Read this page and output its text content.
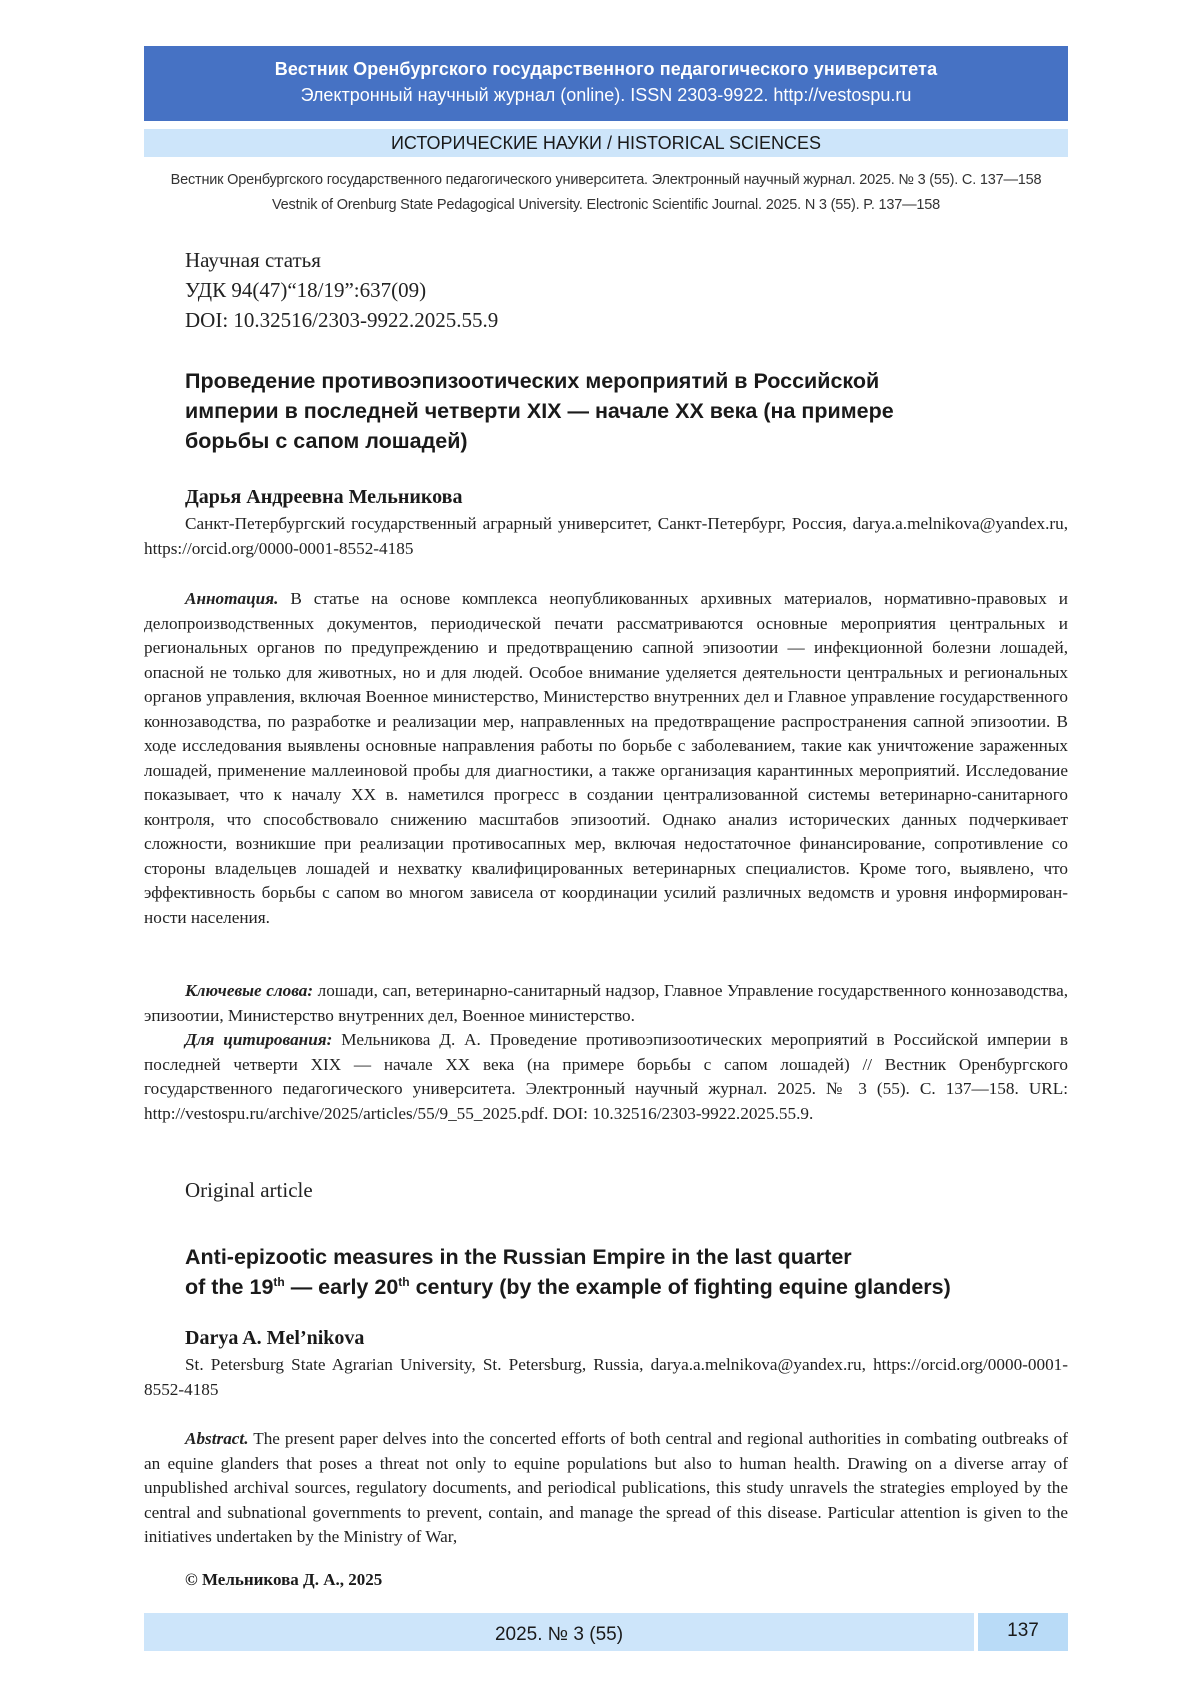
Вестник Оренбургского государственного педагогического университета
Электронный научный журнал (online). ISSN 2303-9922. http://vestospu.ru
ИСТОРИЧЕСКИЕ НАУКИ / HISTORICAL SCIENCES
Вестник Оренбургского государственного педагогического университета. Электронный научный журнал. 2025. № 3 (55). С. 137—158
Vestnik of Orenburg State Pedagogical University. Electronic Scientific Journal. 2025. N 3 (55). P. 137—158
Научная статья
УДК 94(47)“18/19”:637(09)
DOI: 10.32516/2303-9922.2025.55.9
Проведение противоэпизоотических мероприятий в Российской
империи в последней четверти XIX — начале XX века (на примере
борьбы с сапом лошадей)
Дарья Андреевна Мельникова
Санкт-Петербургский государственный аграрный университет, Санкт-Петербург, Россия, darya.a.melnikova@yandex.ru, https://orcid.org/0000-0001-8552-4185
Аннотация. В статье на основе комплекса неопубликованных архивных материалов, нормативно-правовых и делопроизводственных документов, периодической печати рассматриваются основные мероприятия центральных и региональных органов по предупреждению и предотвращению сапной эпизоотии — инфекционной болезни лошадей, опасной не только для животных, но и для людей. Особое внимание уделяется деятельности центральных и региональных органов управления, включая Военное министерство, Министерство внутренних дел и Главное управление государственного коннозаводства, по разработке и реализации мер, направленных на предотвращение распространения сапной эпизоотии. В ходе исследования выявлены основные направления работы по борьбе с заболеванием, такие как уничтожение зараженных лошадей, применение маллеиновой пробы для диагностики, а также организация карантинных мероприятий. Исследование показывает, что к началу XX в. наметился прогресс в создании централизованной системы ветеринарно-санитарного контроля, что способствовало снижению масштабов эпизоотий. Однако анализ исторических данных подчеркивает сложности, возникшие при реализации противосапных мер, включая недостаточное финансирование, сопротивление со стороны владельцев лошадей и нехватку квалифицированных ветеринарных специалистов. Кроме того, выявлено, что эффективность борьбы с сапом во многом зависела от координации усилий различных ведомств и уровня информированности населения.
Ключевые слова: лошади, сап, ветеринарно-санитарный надзор, Главное Управление государственного коннозаводства, эпизоотии, Министерство внутренних дел, Военное министерство.
Для цитирования: Мельникова Д. А. Проведение противоэпизоотических мероприятий в Российской империи в последней четверти XIX — начале XX века (на примере борьбы с сапом лошадей) // Вестник Оренбургского государственного педагогического университета. Электронный научный журнал. 2025. № 3 (55). С. 137—158. URL: http://vestospu.ru/archive/2025/articles/55/9_55_2025.pdf. DOI: 10.32516/2303-9922.2025.55.9.
Original article
Anti-epizootic measures in the Russian Empire in the last quarter
of the 19th — early 20th century (by the example of fighting equine glanders)
Darya A. Mel’nikova
St. Petersburg State Agrarian University, St. Petersburg, Russia, darya.a.melnikova@yandex.ru, https://orcid.org/0000-0001-8552-4185
Abstract. The present paper delves into the concerted efforts of both central and regional authorities in combating outbreaks of an equine glanders that poses a threat not only to equine populations but also to human health. Drawing on a diverse array of unpublished archival sources, regulatory documents, and periodical publications, this study unravels the strategies employed by the central and subnational governments to prevent, contain, and manage the spread of this disease. Particular attention is given to the initiatives undertaken by the Ministry of War,
© Мельникова Д. А., 2025
2025. № 3 (55)	137
